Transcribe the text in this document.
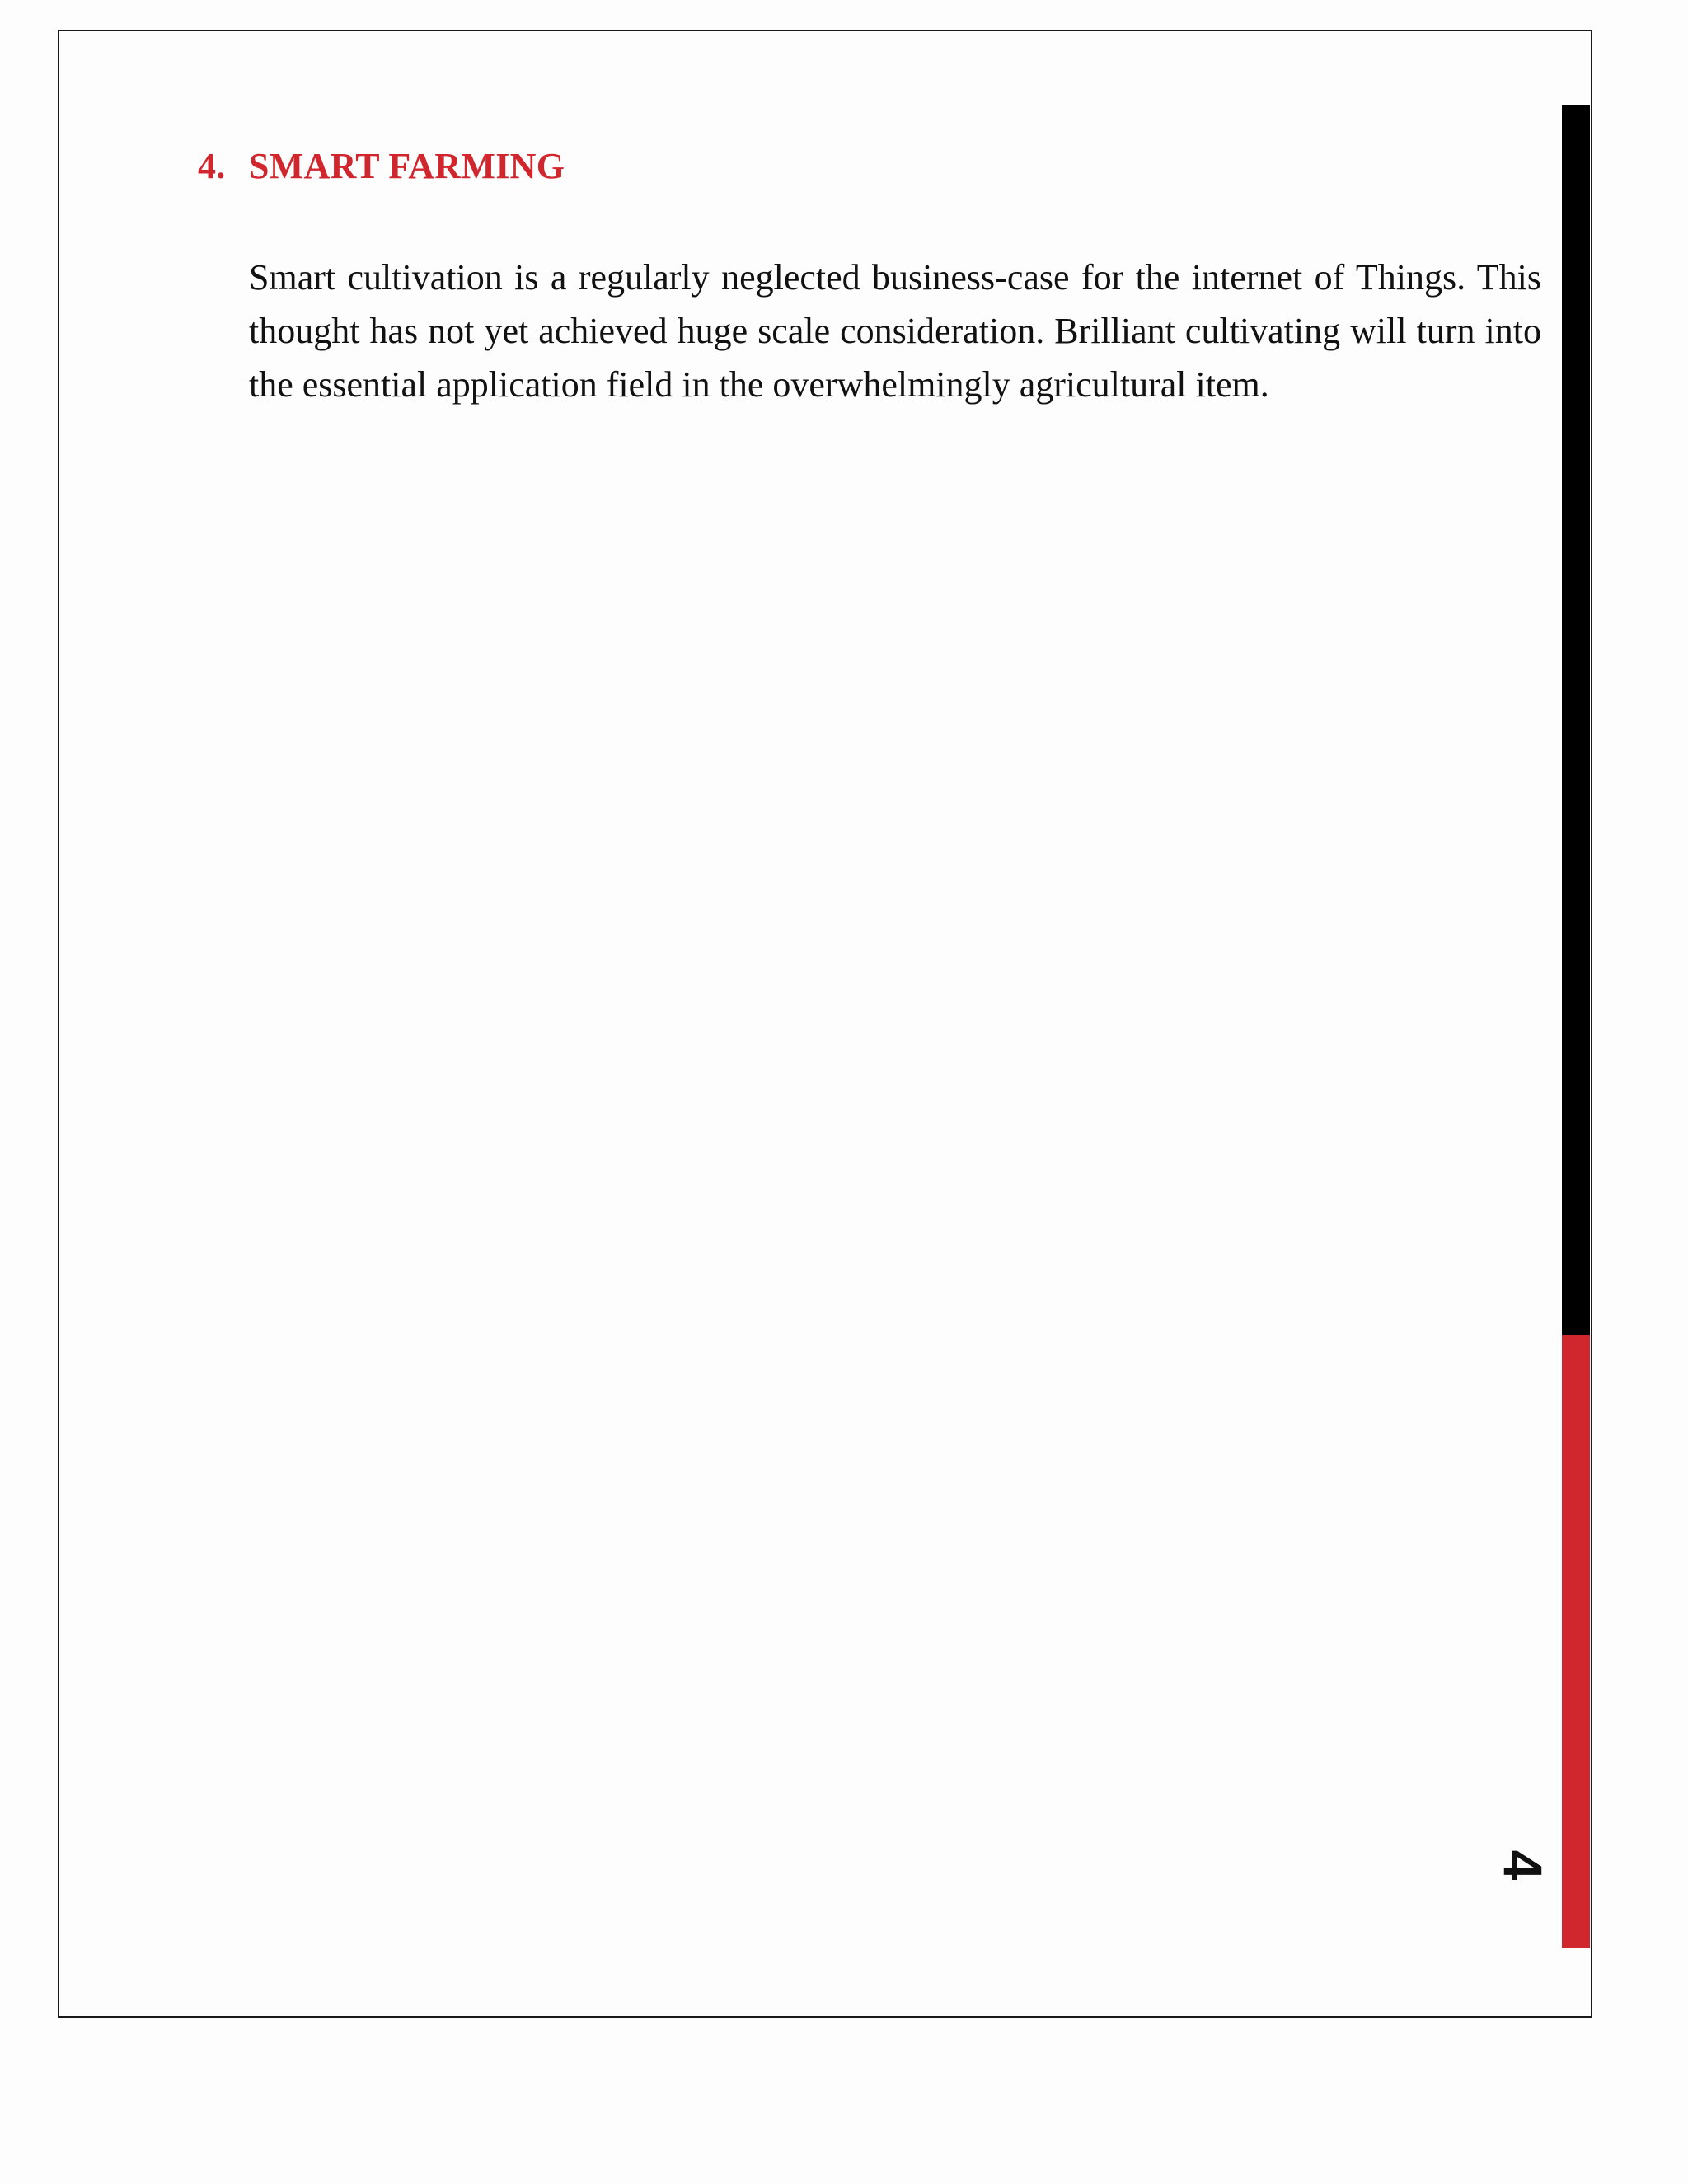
4. SMART FARMING

Smart cultivation is a regularly neglected business-case for the internet of Things. This thought has not yet achieved huge scale consideration. Brilliant cultivating will turn into the essential application field in the overwhelmingly agricultural item.

4
